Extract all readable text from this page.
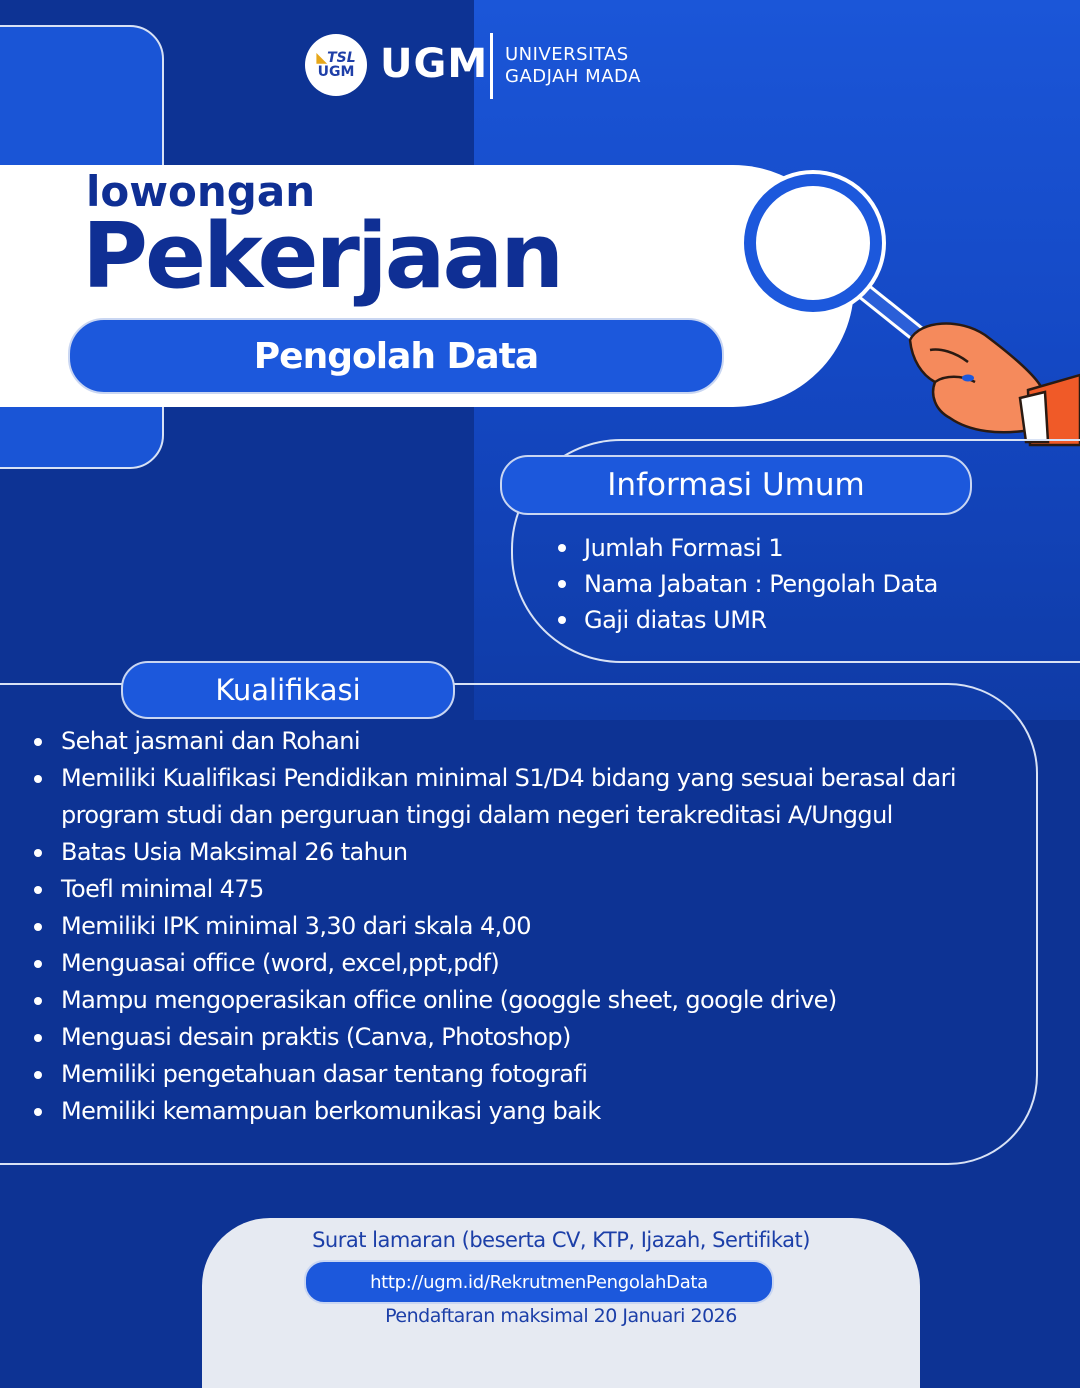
◣TSL
UGM UGM UNIVERSITAS
GADJAH MADA
lowongan
Pekerjaan
Pengolah Data
Informasi Umum
Jumlah Formasi 1
Nama Jabatan : Pengolah Data
Gaji diatas UMR
Kualifikasi
Sehat jasmani dan Rohani
Memiliki Kualifikasi Pendidikan minimal S1/D4 bidang yang sesuai berasal dari program studi dan perguruan tinggi dalam negeri terakreditasi A/Unggul
Batas Usia Maksimal 26 tahun
Toefl minimal 475
Memiliki IPK minimal 3,30 dari skala 4,00
Menguasai office (word, excel,ppt,pdf)
Mampu mengoperasikan office online (googgle sheet, google drive)
Menguasi desain praktis (Canva, Photoshop)
Memiliki pengetahuan dasar tentang fotografi
Memiliki kemampuan berkomunikasi yang baik
Surat lamaran (beserta CV, KTP, Ijazah, Sertifikat)
http://ugm.id/RekrutmenPengolahData
Pendaftaran maksimal 20 Januari 2026
